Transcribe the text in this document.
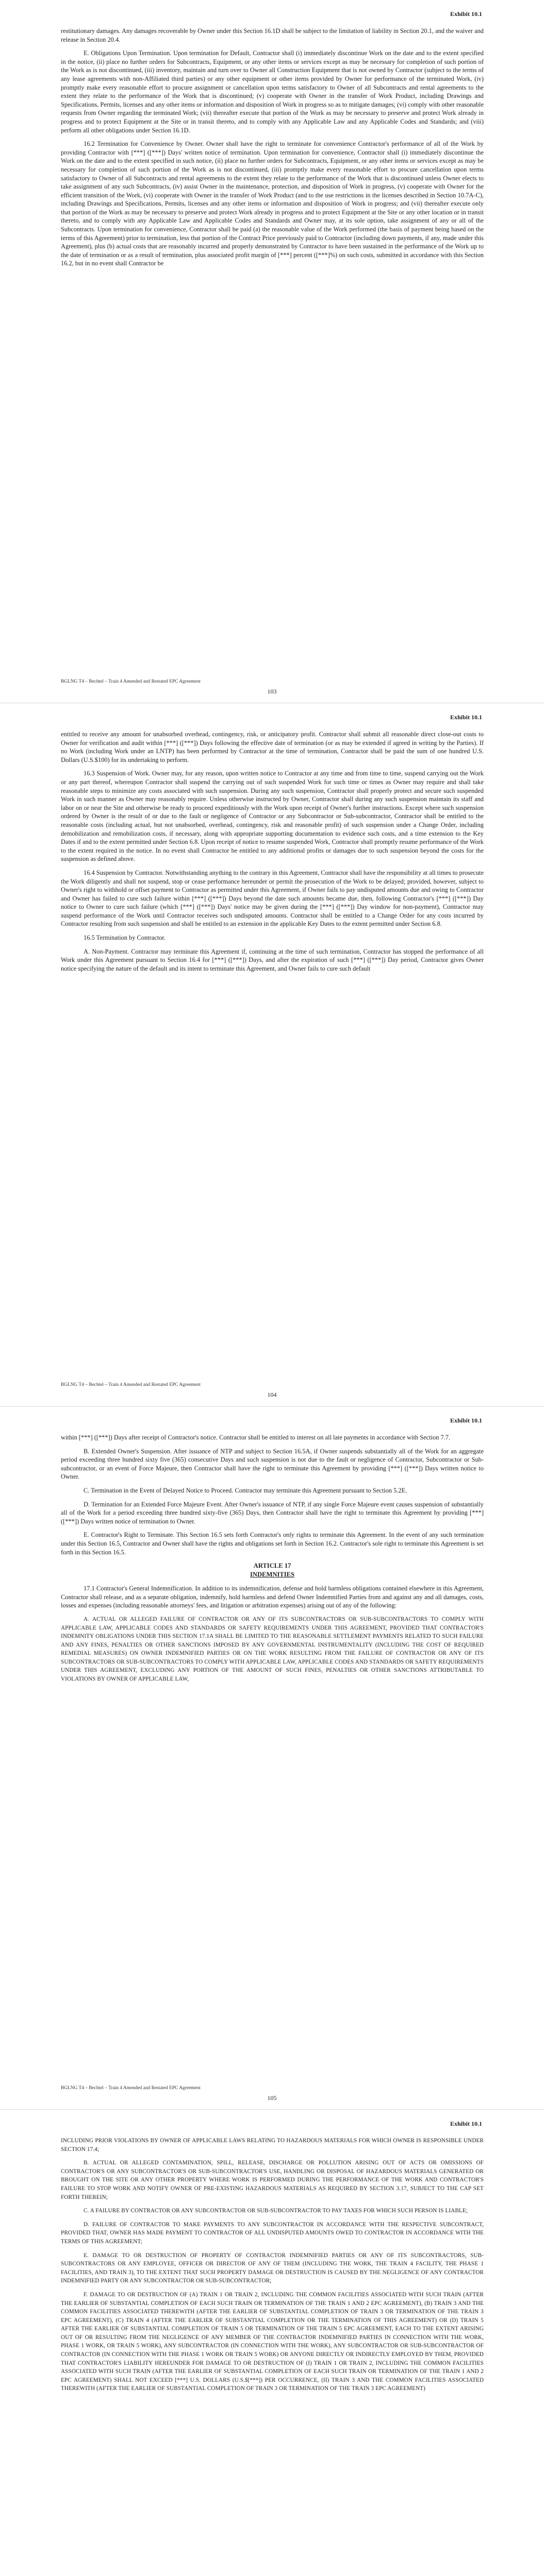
Exhibit 10.1

restitutionary damages. Any damages recoverable by Owner under this Section 16.1D shall be subject to the limitation of liability in Section 20.1, and the waiver and release in Section 20.4.

E. Obligations Upon Termination. Upon termination for Default, Contractor shall (i) immediately discontinue Work on the date and to the extent specified in the notice, (ii) place no further orders for Subcontracts, Equipment, or any other items or services except as may be necessary for completion of such portion of the Work as is not discontinued, (iii) inventory, maintain and turn over to Owner all Construction Equipment that is not owned by Contractor (subject to the terms of any lease agreements with non-Affiliated third parties) or any other equipment or other items provided by Owner for performance of the terminated Work, (iv) promptly make every reasonable effort to procure assignment or cancellation upon terms satisfactory to Owner of all Subcontracts and rental agreements to the extent they relate to the performance of the Work that is discontinued; (v) cooperate with Owner in the transfer of Work Product, including Drawings and Specifications, Permits, licenses and any other items or information and disposition of Work in progress so as to mitigate damages; (vi) comply with other reasonable requests from Owner regarding the terminated Work; (vii) thereafter execute that portion of the Work as may be necessary to preserve and protect Work already in progress and to protect Equipment at the Site or in transit thereto, and to comply with any Applicable Law and any Applicable Codes and Standards; and (viii) perform all other obligations under Section 16.1D.

16.2 Termination for Convenience by Owner. Owner shall have the right to terminate for convenience Contractor's performance of all of the Work by providing Contractor with [***] ([***]) Days' written notice of termination. Upon termination for convenience, Contractor shall (i) immediately discontinue the Work on the date and to the extent specified in such notice, (ii) place no further orders for Subcontracts, Equipment, or any other items or services except as may be necessary for completion of such portion of the Work as is not discontinued, (iii) promptly make every reasonable effort to procure cancellation upon terms satisfactory to Owner of all Subcontracts and rental agreements to the extent they relate to the performance of the Work that is discontinued unless Owner elects to take assignment of any such Subcontracts, (iv) assist Owner in the maintenance, protection, and disposition of Work in progress, (v) cooperate with Owner for the efficient transition of the Work, (vi) cooperate with Owner in the transfer of Work Product (and to the use restrictions in the licenses described in Section 10.7A-C), including Drawings and Specifications, Permits, licenses and any other items or information and disposition of Work in progress; and (vii) thereafter execute only that portion of the Work as may be necessary to preserve and protect Work already in progress and to protect Equipment at the Site or any other location or in transit thereto, and to comply with any Applicable Law and Applicable Codes and Standards and Owner may, at its sole option, take assignment of any or all of the Subcontracts. Upon termination for convenience, Contractor shall be paid (a) the reasonable value of the Work performed (the basis of payment being based on the terms of this Agreement) prior to termination, less that portion of the Contract Price previously paid to Contractor (including down payments, if any, made under this Agreement), plus (b) actual costs that are reasonably incurred and properly demonstrated by Contractor to have been sustained in the performance of the Work up to the date of termination or as a result of termination, plus associated profit margin of [***] percent ([***]%) on such costs, submitted in accordance with this Section 16.2, but in no event shall Contractor be

BGLNG T4 – Bechtel – Train 4 Amended and Restated EPC Agreement
103
Exhibit 10.1

entitled to receive any amount for unabsorbed overhead, contingency, risk, or anticipatory profit. Contractor shall submit all reasonable direct close-out costs to Owner for verification and audit within [***] ([***]) Days following the effective date of termination (or as may be extended if agreed in writing by the Parties). If no Work (including Work under an LNTP) has been performed by Contractor at the time of termination, Contractor shall be paid the sum of one hundred U.S. Dollars (U.S.$100) for its undertaking to perform.

16.3 Suspension of Work. Owner may, for any reason, upon written notice to Contractor at any time and from time to time, suspend carrying out the Work or any part thereof, whereupon Contractor shall suspend the carrying out of such suspended Work for such time or times as Owner may require and shall take reasonable steps to minimize any costs associated with such suspension. During any such suspension, Contractor shall properly protect and secure such suspended Work in such manner as Owner may reasonably require. Unless otherwise instructed by Owner, Contractor shall during any such suspension maintain its staff and labor on or near the Site and otherwise be ready to proceed expeditiously with the Work upon receipt of Owner's further instructions. Except where such suspension ordered by Owner is the result of or due to the fault or negligence of Contractor or any Subcontractor or Sub-subcontractor, Contractor shall be entitled to the reasonable costs (including actual, but not unabsorbed, overhead, contingency, risk and reasonable profit) of such suspension under a Change Order, including demobilization and remobilization costs, if necessary, along with appropriate supporting documentation to evidence such costs, and a time extension to the Key Dates if and to the extent permitted under Section 6.8. Upon receipt of notice to resume suspended Work, Contractor shall promptly resume performance of the Work to the extent required in the notice. In no event shall Contractor be entitled to any additional profits or damages due to such suspension beyond the costs for the suspension as defined above.

16.4 Suspension by Contractor. Notwithstanding anything to the contrary in this Agreement, Contractor shall have the responsibility at all times to prosecute the Work diligently and shall not suspend, stop or cease performance hereunder or permit the prosecution of the Work to be delayed; provided, however, subject to Owner's right to withhold or offset payment to Contractor as permitted under this Agreement, if Owner fails to pay undisputed amounts due and owing to Contractor and Owner has failed to cure such failure within [***] ([***]) Days beyond the date such amounts became due, then, following Contractor's [***] ([***]) Day notice to Owner to cure such failure (which [***] ([***]) Days' notice may be given during the [***] ([***]) Day window for non-payment), Contractor may suspend performance of the Work until Contractor receives such undisputed amounts. Contractor shall be entitled to a Change Order for any costs incurred by Contractor resulting from such suspension and shall be entitled to an extension in the applicable Key Dates to the extent permitted under Section 6.8.

16.5 Termination by Contractor.

A. Non-Payment. Contractor may terminate this Agreement if, continuing at the time of such termination, Contractor has stopped the performance of all Work under this Agreement pursuant to Section 16.4 for [***] ([***]) Days, and after the expiration of such [***] ([***]) Day period, Contractor gives Owner notice specifying the nature of the default and its intent to terminate this Agreement, and Owner fails to cure such default

BGLNG T4 – Bechtel – Train 4 Amended and Restated EPC Agreement
104
Exhibit 10.1

within [***] ([***]) Days after receipt of Contractor's notice. Contractor shall be entitled to interest on all late payments in accordance with Section 7.7.

B. Extended Owner's Suspension. After issuance of NTP and subject to Section 16.5A, if Owner suspends substantially all of the Work for an aggregate period exceeding three hundred sixty five (365) consecutive Days and such suspension is not due to the fault or negligence of Contractor, Subcontractor or Sub-subcontractor, or an event of Force Majeure, then Contractor shall have the right to terminate this Agreement by providing [***] ([***]) Days written notice to Owner.

C. Termination in the Event of Delayed Notice to Proceed. Contractor may terminate this Agreement pursuant to Section 5.2E.

D. Termination for an Extended Force Majeure Event. After Owner's issuance of NTP, if any single Force Majeure event causes suspension of substantially all of the Work for a period exceeding three hundred sixty-five (365) Days, then Contractor shall have the right to terminate this Agreement by providing [***] ([***]) Days written notice of termination to Owner.

E. Contractor's Right to Terminate. This Section 16.5 sets forth Contractor's only rights to terminate this Agreement. In the event of any such termination under this Section 16.5, Contractor and Owner shall have the rights and obligations set forth in Section 16.2. Contractor's sole right to terminate this Agreement is set forth in this Section 16.5.

ARTICLE 17
INDEMNITIES

17.1 Contractor's General Indemnification. In addition to its indemnification, defense and hold harmless obligations contained elsewhere in this Agreement, Contractor shall release, and as a separate obligation, indemnify, hold harmless and defend Owner Indemnified Parties from and against any and all damages, costs, losses and expenses (including reasonable attorneys' fees, and litigation or arbitration expenses) arising out of any of the following:

A. ACTUAL OR ALLEGED FAILURE OF CONTRACTOR OR ANY OF ITS SUBCONTRACTORS OR SUB-SUBCONTRACTORS TO COMPLY WITH APPLICABLE LAW, APPLICABLE CODES AND STANDARDS OR SAFETY REQUIREMENTS UNDER THIS AGREEMENT, PROVIDED THAT CONTRACTOR'S INDEMNITY OBLIGATIONS UNDER THIS SECTION 17.1A SHALL BE LIMITED TO THE REASONABLE SETTLEMENT PAYMENTS RELATED TO SUCH FAILURE AND ANY FINES, PENALTIES OR OTHER SANCTIONS IMPOSED BY ANY GOVERNMENTAL INSTRUMENTALITY (INCLUDING THE COST OF REQUIRED REMEDIAL MEASURES) ON OWNER INDEMNIFIED PARTIES OR ON THE WORK RESULTING FROM THE FAILURE OF CONTRACTOR OR ANY OF ITS SUBCONTRACTORS OR SUB-SUBCONTRACTORS TO COMPLY WITH APPLICABLE LAW, APPLICABLE CODES AND STANDARDS OR SAFETY REQUIREMENTS UNDER THIS AGREEMENT, EXCLUDING ANY PORTION OF THE AMOUNT OF SUCH FINES, PENALTIES OR OTHER SANCTIONS ATTRIBUTABLE TO VIOLATIONS BY OWNER OF APPLICABLE LAW,

BGLNG T4 – Bechtel – Train 4 Amended and Restated EPC Agreement
105
Exhibit 10.1

INCLUDING PRIOR VIOLATIONS BY OWNER OF APPLICABLE LAWS RELATING TO HAZARDOUS MATERIALS FOR WHICH OWNER IS RESPONSIBLE UNDER SECTION 17.4;

B. ACTUAL OR ALLEGED CONTAMINATION, SPILL, RELEASE, DISCHARGE OR POLLUTION ARISING OUT OF ACTS OR OMISSIONS OF CONTRACTOR'S OR ANY SUBCONTRACTOR'S OR SUB-SUBCONTRACTOR'S USE, HANDLING OR DISPOSAL OF HAZARDOUS MATERIALS GENERATED OR BROUGHT ON THE SITE OR ANY OTHER PROPERTY WHERE WORK IS PERFORMED DURING THE PERFORMANCE OF THE WORK AND CONTRACTOR'S FAILURE TO STOP WORK AND NOTIFY OWNER OF PRE-EXISTING HAZARDOUS MATERIALS AS REQUIRED BY SECTION 3.17, SUBJECT TO THE CAP SET FORTH THEREIN;

C. A FAILURE BY CONTRACTOR OR ANY SUBCONTRACTOR OR SUB-SUBCONTRACTOR TO PAY TAXES FOR WHICH SUCH PERSON IS LIABLE;

D. FAILURE OF CONTRACTOR TO MAKE PAYMENTS TO ANY SUBCONTRACTOR IN ACCORDANCE WITH THE RESPECTIVE SUBCONTRACT, PROVIDED THAT, OWNER HAS MADE PAYMENT TO CONTRACTOR OF ALL UNDISPUTED AMOUNTS OWED TO CONTRACTOR IN ACCORDANCE WITH THE TERMS OF THIS AGREEMENT;

E. DAMAGE TO OR DESTRUCTION OF PROPERTY OF CONTRACTOR INDEMNIFIED PARTIES OR ANY OF ITS SUBCONTRACTORS, SUB-SUBCONTRACTORS OR ANY EMPLOYEE, OFFICER OR DIRECTOR OF ANY OF THEM (INCLUDING THE WORK, THE TRAIN 4 FACILITY, THE PHASE 1 FACILITIES, AND TRAIN 3), TO THE EXTENT THAT SUCH PROPERTY DAMAGE OR DESTRUCTION IS CAUSED BY THE NEGLIGENCE OF ANY CONTRACTOR INDEMNIFIED PARTY OR ANY SUBCONTRACTOR OR SUB-SUBCONTRACTOR;

F. DAMAGE TO OR DESTRUCTION OF (A) TRAIN 1 OR TRAIN 2, INCLUDING THE COMMON FACILITIES ASSOCIATED WITH SUCH TRAIN (AFTER THE EARLIER OF SUBSTANTIAL COMPLETION OF EACH SUCH TRAIN OR TERMINATION OF THE TRAIN 1 AND 2 EPC AGREEMENT), (B) TRAIN 3 AND THE COMMON FACILITIES ASSOCIATED THEREWITH (AFTER THE EARLIER OF SUBSTANTIAL COMPLETION OF TRAIN 3 OR TERMINATION OF THE TRAIN 3 EPC AGREEMENT), (C) TRAIN 4 (AFTER THE EARLIER OF SUBSTANTIAL COMPLETION OR THE TERMINATION OF THIS AGREEMENT) OR (D) TRAIN 5 AFTER THE EARLIER OF SUBSTANTIAL COMPLETION OF TRAIN 5 OR TERMINATION OF THE TRAIN 5 EPC AGREEMENT, EACH TO THE EXTENT ARISING OUT OF OR RESULTING FROM THE NEGLIGENCE OF ANY MEMBER OF THE CONTRACTOR INDEMNIFIED PARTIES IN CONNECTION WITH THE WORK, PHASE 1 WORK, OR TRAIN 5 WORK), ANY SUBCONTRACTOR (IN CONNECTION WITH THE WORK), ANY SUBCONTRACTOR OR SUB-SUBCONTRACTOR OF CONTRACTOR (IN CONNECTION WITH THE PHASE 1 WORK OR TRAIN 5 WORK) OR ANYONE DIRECTLY OR INDIRECTLY EMPLOYED BY THEM, PROVIDED THAT CONTRACTOR'S LIABILITY HEREUNDER FOR DAMAGE TO OR DESTRUCTION OF (I) TRAIN 1 OR TRAIN 2, INCLUDING THE COMMON FACILITIES ASSOCIATED WITH SUCH TRAIN (AFTER THE EARLIER OF SUBSTANTIAL COMPLETION OF EACH SUCH TRAIN OR TERMINATION OF THE TRAIN 1 AND 2 EPC AGREEMENT) SHALL NOT EXCEED [***] U.S. DOLLARS (U.S.$[***]) PER OCCURRENCE, (II) TRAIN 3 AND THE COMMON FACILITIES ASSOCIATED THEREWITH (AFTER THE EARLIER OF SUBSTANTIAL COMPLETION OF TRAIN 3 OR TERMINATION OF THE TRAIN 3 EPC AGREEMENT)
